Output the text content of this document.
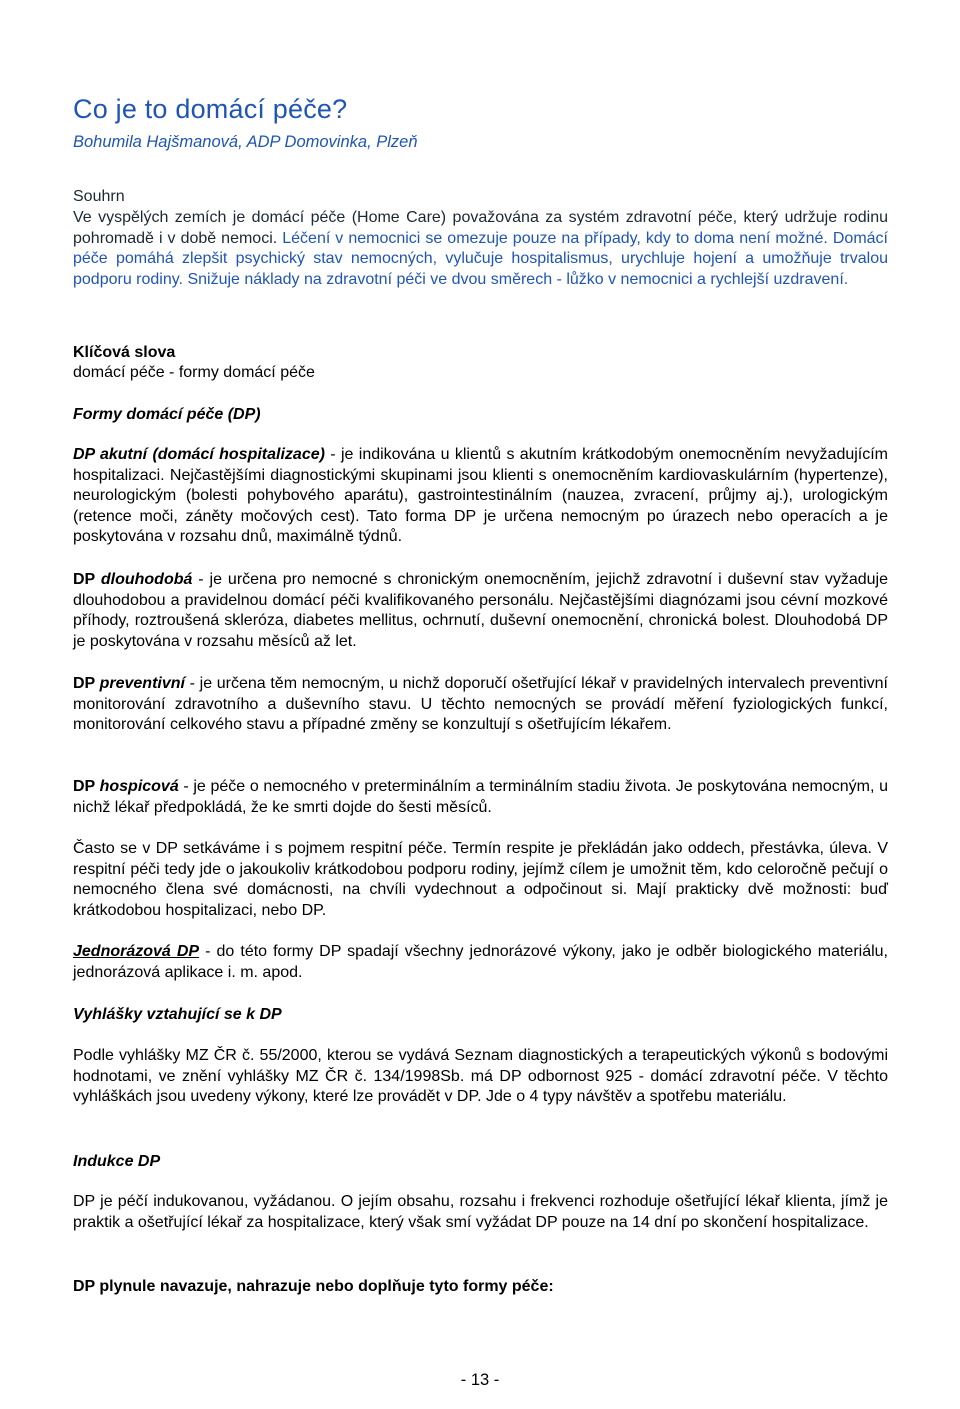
Co je to domácí péče?

Bohumila Hajšmanová, ADP Domovinka, Plzeň

Souhrn

Ve vyspělých zemích je domácí péče (Home Care) považována za systém zdravotní péče, který udržuje rodinu pohromadě i v době nemoci. Léčení v nemocnici se omezuje pouze na případy, kdy to doma není možné. Domácí péče pomáhá zlepšit psychický stav nemocných, vylučuje hospitalismus, urychluje hojení a umožňuje trvalou podporu rodiny. Snižuje náklady na zdravotní péči ve dvou směrech - lůžko v nemocnici a rychlejší uzdravení.

Klíčová slova

domácí péče - formy domácí péče

Formy domácí péče (DP)

DP akutní (domácí hospitalizace) - je indikována u klientů s akutním krátkodobým onemocněním nevyžadujícím hospitalizaci. Nejčastějšími diagnostickými skupinami jsou klienti s onemocněním kardiovaskulárním (hypertenze), neurologickým (bolesti pohybového aparátu), gastrointestinálním (nauzea, zvracení, průjmy aj.), urologickým (retence moči, záněty močových cest). Tato forma DP je určena nemocným po úrazech nebo operacích a je poskytována v rozsahu dnů, maximálně týdnů.

DP dlouhodobá - je určena pro nemocné s chronickým onemocněním, jejichž zdravotní i duševní stav vyžaduje dlouhodobou a pravidelnou domácí péči kvalifikovaného personálu. Nejčastějšími diagnózami jsou cévní mozkové příhody, roztroušená skleróza, diabetes mellitus, ochrnutí, duševní onemocnění, chronická bolest. Dlouhodobá DP je poskytována v rozsahu měsíců až let.

DP preventivní - je určena těm nemocným, u nichž doporučí ošetřující lékař v pravidelných intervalech preventivní monitorování zdravotního a duševního stavu. U těchto nemocných se provádí měření fyziologických funkcí, monitorování celkového stavu a případné změny se konzultují s ošetřujícím lékařem.

DP hospicová - je péče o nemocného v preterminálním a terminálním stadiu života. Je poskytována nemocným, u nichž lékař předpokládá, že ke smrti dojde do šesti měsíců.

Často se v DP setkáváme i s pojmem respitní péče. Termín respite je překládán jako oddech, přestávka, úleva. V respitní péči tedy jde o jakoukoliv krátkodobou podporu rodiny, jejímž cílem je umožnit těm, kdo celoročně pečují o nemocného člena své domácnosti, na chvíli vydechnout a odpočinout si. Mají prakticky dvě možnosti: buď krátkodobou hospitalizaci, nebo DP.

Jednorázová DP - do této formy DP spadají všechny jednorázové výkony, jako je odběr biologického materiálu, jednorázová aplikace i. m. apod.

Vyhlášky vztahující se k DP

Podle vyhlášky MZ ČR č. 55/2000, kterou se vydává Seznam diagnostických a terapeutických výkonů s bodovými hodnotami, ve znění vyhlášky MZ ČR č. 134/1998Sb. má DP odbornost 925 - domácí zdravotní péče. V těchto vyhláškách jsou uvedeny výkony, které lze provádět v DP. Jde o 4 typy návštěv a spotřebu materiálu.

Indukce DP

DP je péčí indukovanou, vyžádanou. O jejím obsahu, rozsahu i frekvenci rozhoduje ošetřující lékař klienta, jímž je praktik a ošetřující lékař za hospitalizace, který však smí vyžádat DP pouze na 14 dní po skončení hospitalizace.

DP plynule navazuje, nahrazuje nebo doplňuje tyto formy péče:
- 13 -
